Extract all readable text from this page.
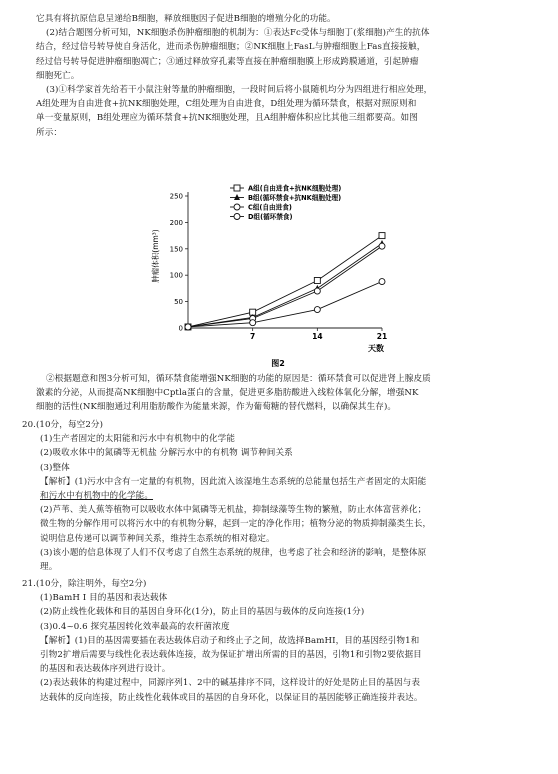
它具有将抗原信息呈递给B细胞，释放细胞因子促进B细胞的增殖分化的功能。

(2)结合题图分析可知，NK细胞杀伤肿瘤细胞的机制为：①表达Fc受体与细胞丁(浆细胞)产生的抗体

结合，经过信号转导使自身活化，进而杀伤肿瘤细胞；②NK细胞上FasL与肿瘤细胞上Fas直接接触，

经过信号转导促进肿瘤细胞凋亡；③通过释放穿孔素等直接在肿瘤细胞膜上形成跨膜通道，引起肿瘤

细胞死亡。

(3)①科学家首先给若干小鼠注射等量的肿瘤细胞，一段时间后将小鼠随机均分为四组进行相应处理，

A组处理为自由进食+抗NK细胞处理，C组处理为自由进食，D组处理为循环禁食，根据对照原则和

单一变量原则，B组处理应为循环禁食+抗NK细胞处理，且A组肿瘤体积应比其他三组都要高。如图

所示：

0
50
100
150
200
250
7	14	21
A组(自由进食+抗NK细胞处理)
B组(循环禁食+抗NK细胞处理)
C组(自由进食)
D组(循环禁食)
肿瘤体积(mm³)
天数
图2

②根据题意和图3分析可知，循环禁食能增强NK细胞的功能的原因是：循环禁食可以促进肾上腺皮质

激素的分泌，从而提高NK细胞中Cptla蛋白的含量，促进更多脂肪酸进入线粒体氧化分解，增强NK

细胞的活性(NK细胞通过利用脂肪酸作为能量来源，作为葡萄糖的替代燃料，以确保其生存)。

20.(10分，每空2分)

(1)生产者固定的太阳能和污水中有机物中的化学能

(2)吸收水体中的氮磷等无机盐 分解污水中的有机物 调节种间关系

(3)整体

【解析】(1)污水中含有一定量的有机物，因此流入该湿地生态系统的总能量包括生产者固定的太阳能

和污水中有机物中的化学能。

(2)芦苇、美人蕉等植物可以吸收水体中氮磷等无机盐，抑制绿藻等生物的繁殖，防止水体富营养化；

微生物的分解作用可以将污水中的有机物分解，起到一定的净化作用；植物分泌的物质抑制藻类生长，

说明信息传递可以调节种间关系，维持生态系统的相对稳定。

(3)该小题的信息体现了人们不仅考虑了自然生态系统的规律，也考虑了社会和经济的影响，是整体原

理。

21.(10分，除注明外，每空2分)

(1)BamH Ⅰ 目的基因和表达载体

(2)防止线性化载体和目的基因自身环化(1分)，防止目的基因与载体的反向连接(1分)

(3)0.4~0.6 探究基因转化效率最高的农杆菌浓度

【解析】(1)目的基因需要插在表达载体启动子和终止子之间，故选择BamHⅠ，目的基因经引物1和

引物2扩增后需要与线性化表达载体连接，故为保证扩增出所需的目的基因，引物1和引物2要依据目

的基因和表达载体序列进行设计。

(2)表达载体的构建过程中，同源序列1、2中的碱基排序不同，这样设计的好处是防止目的基因与表

达载体的反向连接，防止线性化载体或目的基因的自身环化，以保证目的基因能够正确连接并表达。
